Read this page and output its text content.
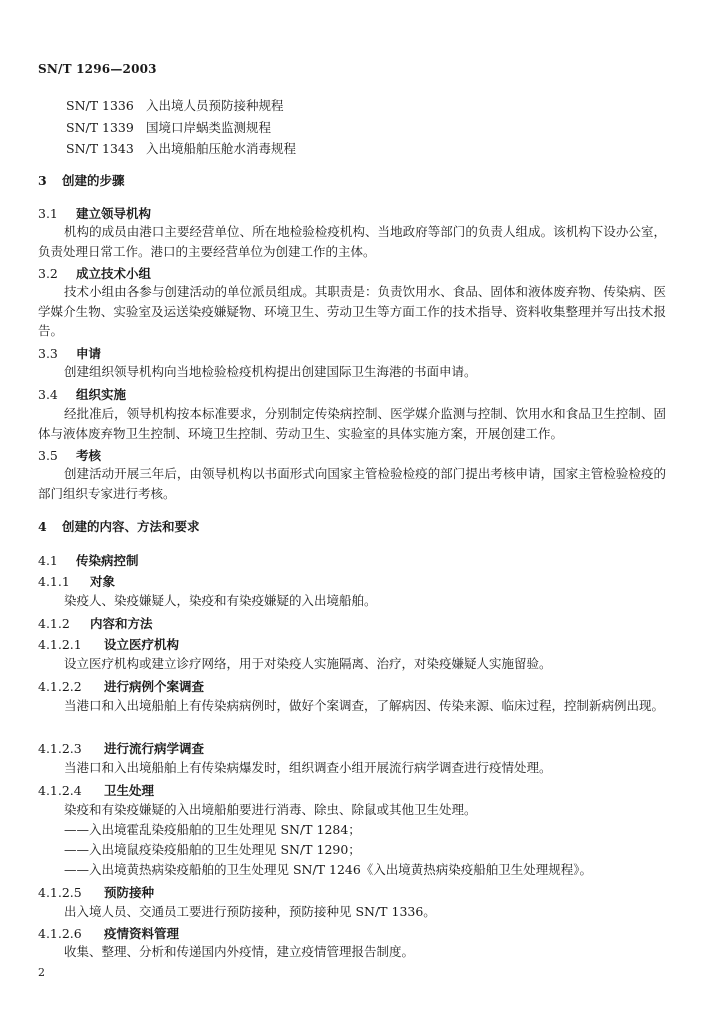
SN/T 1296—2003
SN/T 1336 入出境人员预防接种规程
SN/T 1339 国境口岸蜗类监测规程
SN/T 1343 入出境船舶压舱水消毒规程
3 创建的步骤
3.1 建立领导机构
机构的成员由港口主要经营单位、所在地检验检疫机构、当地政府等部门的负责人组成。该机构下设办公室，负责处理日常工作。港口的主要经营单位为创建工作的主体。
3.2 成立技术小组
技术小组由各参与创建活动的单位派员组成。其职责是：负责饮用水、食品、固体和液体废弃物、传染病、医学媒介生物、实验室及运送染疫嫌疑物、环境卫生、劳动卫生等方面工作的技术指导、资料收集整理并写出技术报告。
3.3 申请
创建组织领导机构向当地检验检疫机构提出创建国际卫生海港的书面申请。
3.4 组织实施
经批准后，领导机构按本标准要求，分别制定传染病控制、医学媒介监测与控制、饮用水和食品卫生控制、固体与液体废弃物卫生控制、环境卫生控制、劳动卫生、实验室的具体实施方案，开展创建工作。
3.5 考核
创建活动开展三年后，由领导机构以书面形式向国家主管检验检疫的部门提出考核申请，国家主管检验检疫的部门组织专家进行考核。
4 创建的内容、方法和要求
4.1 传染病控制
4.1.1 对象
染疫人、染疫嫌疑人，染疫和有染疫嫌疑的入出境船舶。
4.1.2 内容和方法
4.1.2.1 设立医疗机构
设立医疗机构或建立诊疗网络，用于对染疫人实施隔离、治疗，对染疫嫌疑人实施留验。
4.1.2.2 进行病例个案调查
当港口和入出境船舶上有传染病病例时，做好个案调查，了解病因、传染来源、临床过程，控制新病例出现。
4.1.2.3 进行流行病学调查
当港口和入出境船舶上有传染病爆发时，组织调查小组开展流行病学调查进行疫情处理。
4.1.2.4 卫生处理
染疫和有染疫嫌疑的入出境船舶要进行消毒、除虫、除鼠或其他卫生处理。
——入出境霍乱染疫船舶的卫生处理见 SN/T 1284；
——入出境鼠疫染疫船舶的卫生处理见 SN/T 1290；
——入出境黄热病染疫船舶的卫生处理见 SN/T 1246《入出境黄热病染疫船舶卫生处理规程》。
4.1.2.5 预防接种
出入境人员、交通员工要进行预防接种，预防接种见 SN/T 1336。
4.1.2.6 疫情资料管理
收集、整理、分析和传递国内外疫情，建立疫情管理报告制度。
2
